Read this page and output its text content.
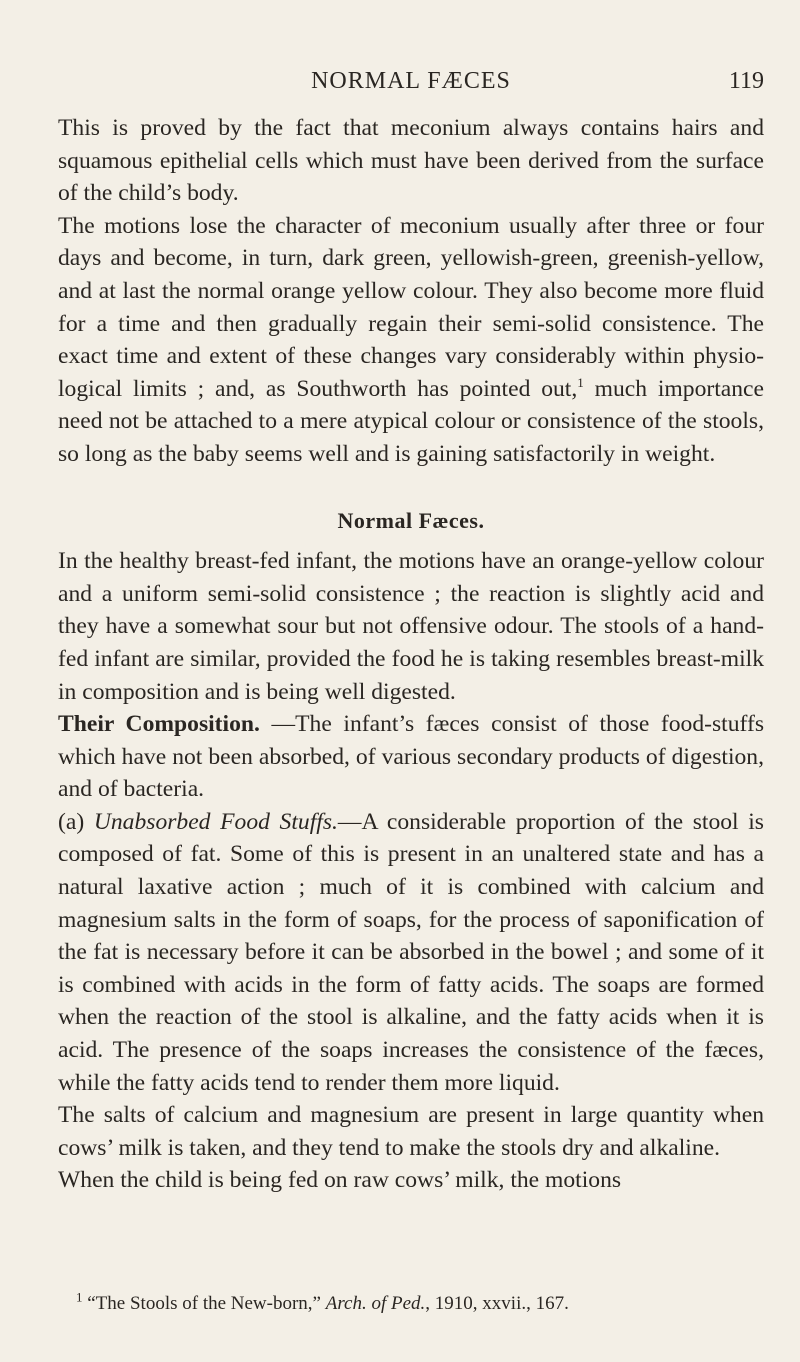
NORMAL FÆCES	119

This is proved by the fact that meconium always contains hairs and squamous epithelial cells which must have been derived from the surface of the child’s body.

The motions lose the character of meconium usually after three or four days and become, in turn, dark green, yellowish-green, greenish-yellow, and at last the normal orange yellow colour. They also become more fluid for a time and then gradually regain their semi-solid consistence. The exact time and extent of these changes vary considerably within physio-logical limits ; and, as Southworth has pointed out,$^1$ much importance need not be attached to a mere atypical colour or consistence of the stools, so long as the baby seems well and is gaining satisfactorily in weight.

Normal Fæces.

In the healthy breast-fed infant, the motions have an orange-yellow colour and a uniform semi-solid consistence ; the reaction is slightly acid and they have a somewhat sour but not offensive odour. The stools of a hand-fed infant are similar, provided the food he is taking resembles breast-milk in composition and is being well digested.

Their Composition. —The infant’s fæces consist of those food-stuffs which have not been absorbed, of various secondary products of digestion, and of bacteria.

(a) Unabsorbed Food Stuffs.—A considerable proportion of the stool is composed of fat. Some of this is present in an unaltered state and has a natural laxative action ; much of it is combined with calcium and magnesium salts in the form of soaps, for the process of saponification of the fat is necessary before it can be absorbed in the bowel ; and some of it is combined with acids in the form of fatty acids. The soaps are formed when the reaction of the stool is alkaline, and the fatty acids when it is acid. The presence of the soaps increases the consistence of the fæces, while the fatty acids tend to render them more liquid.

The salts of calcium and magnesium are present in large quantity when cows’ milk is taken, and they tend to make the stools dry and alkaline.

When the child is being fed on raw cows’ milk, the motions

$^1$ “The Stools of the New-born,” Arch. of Ped., 1910, xxvii., 167.
